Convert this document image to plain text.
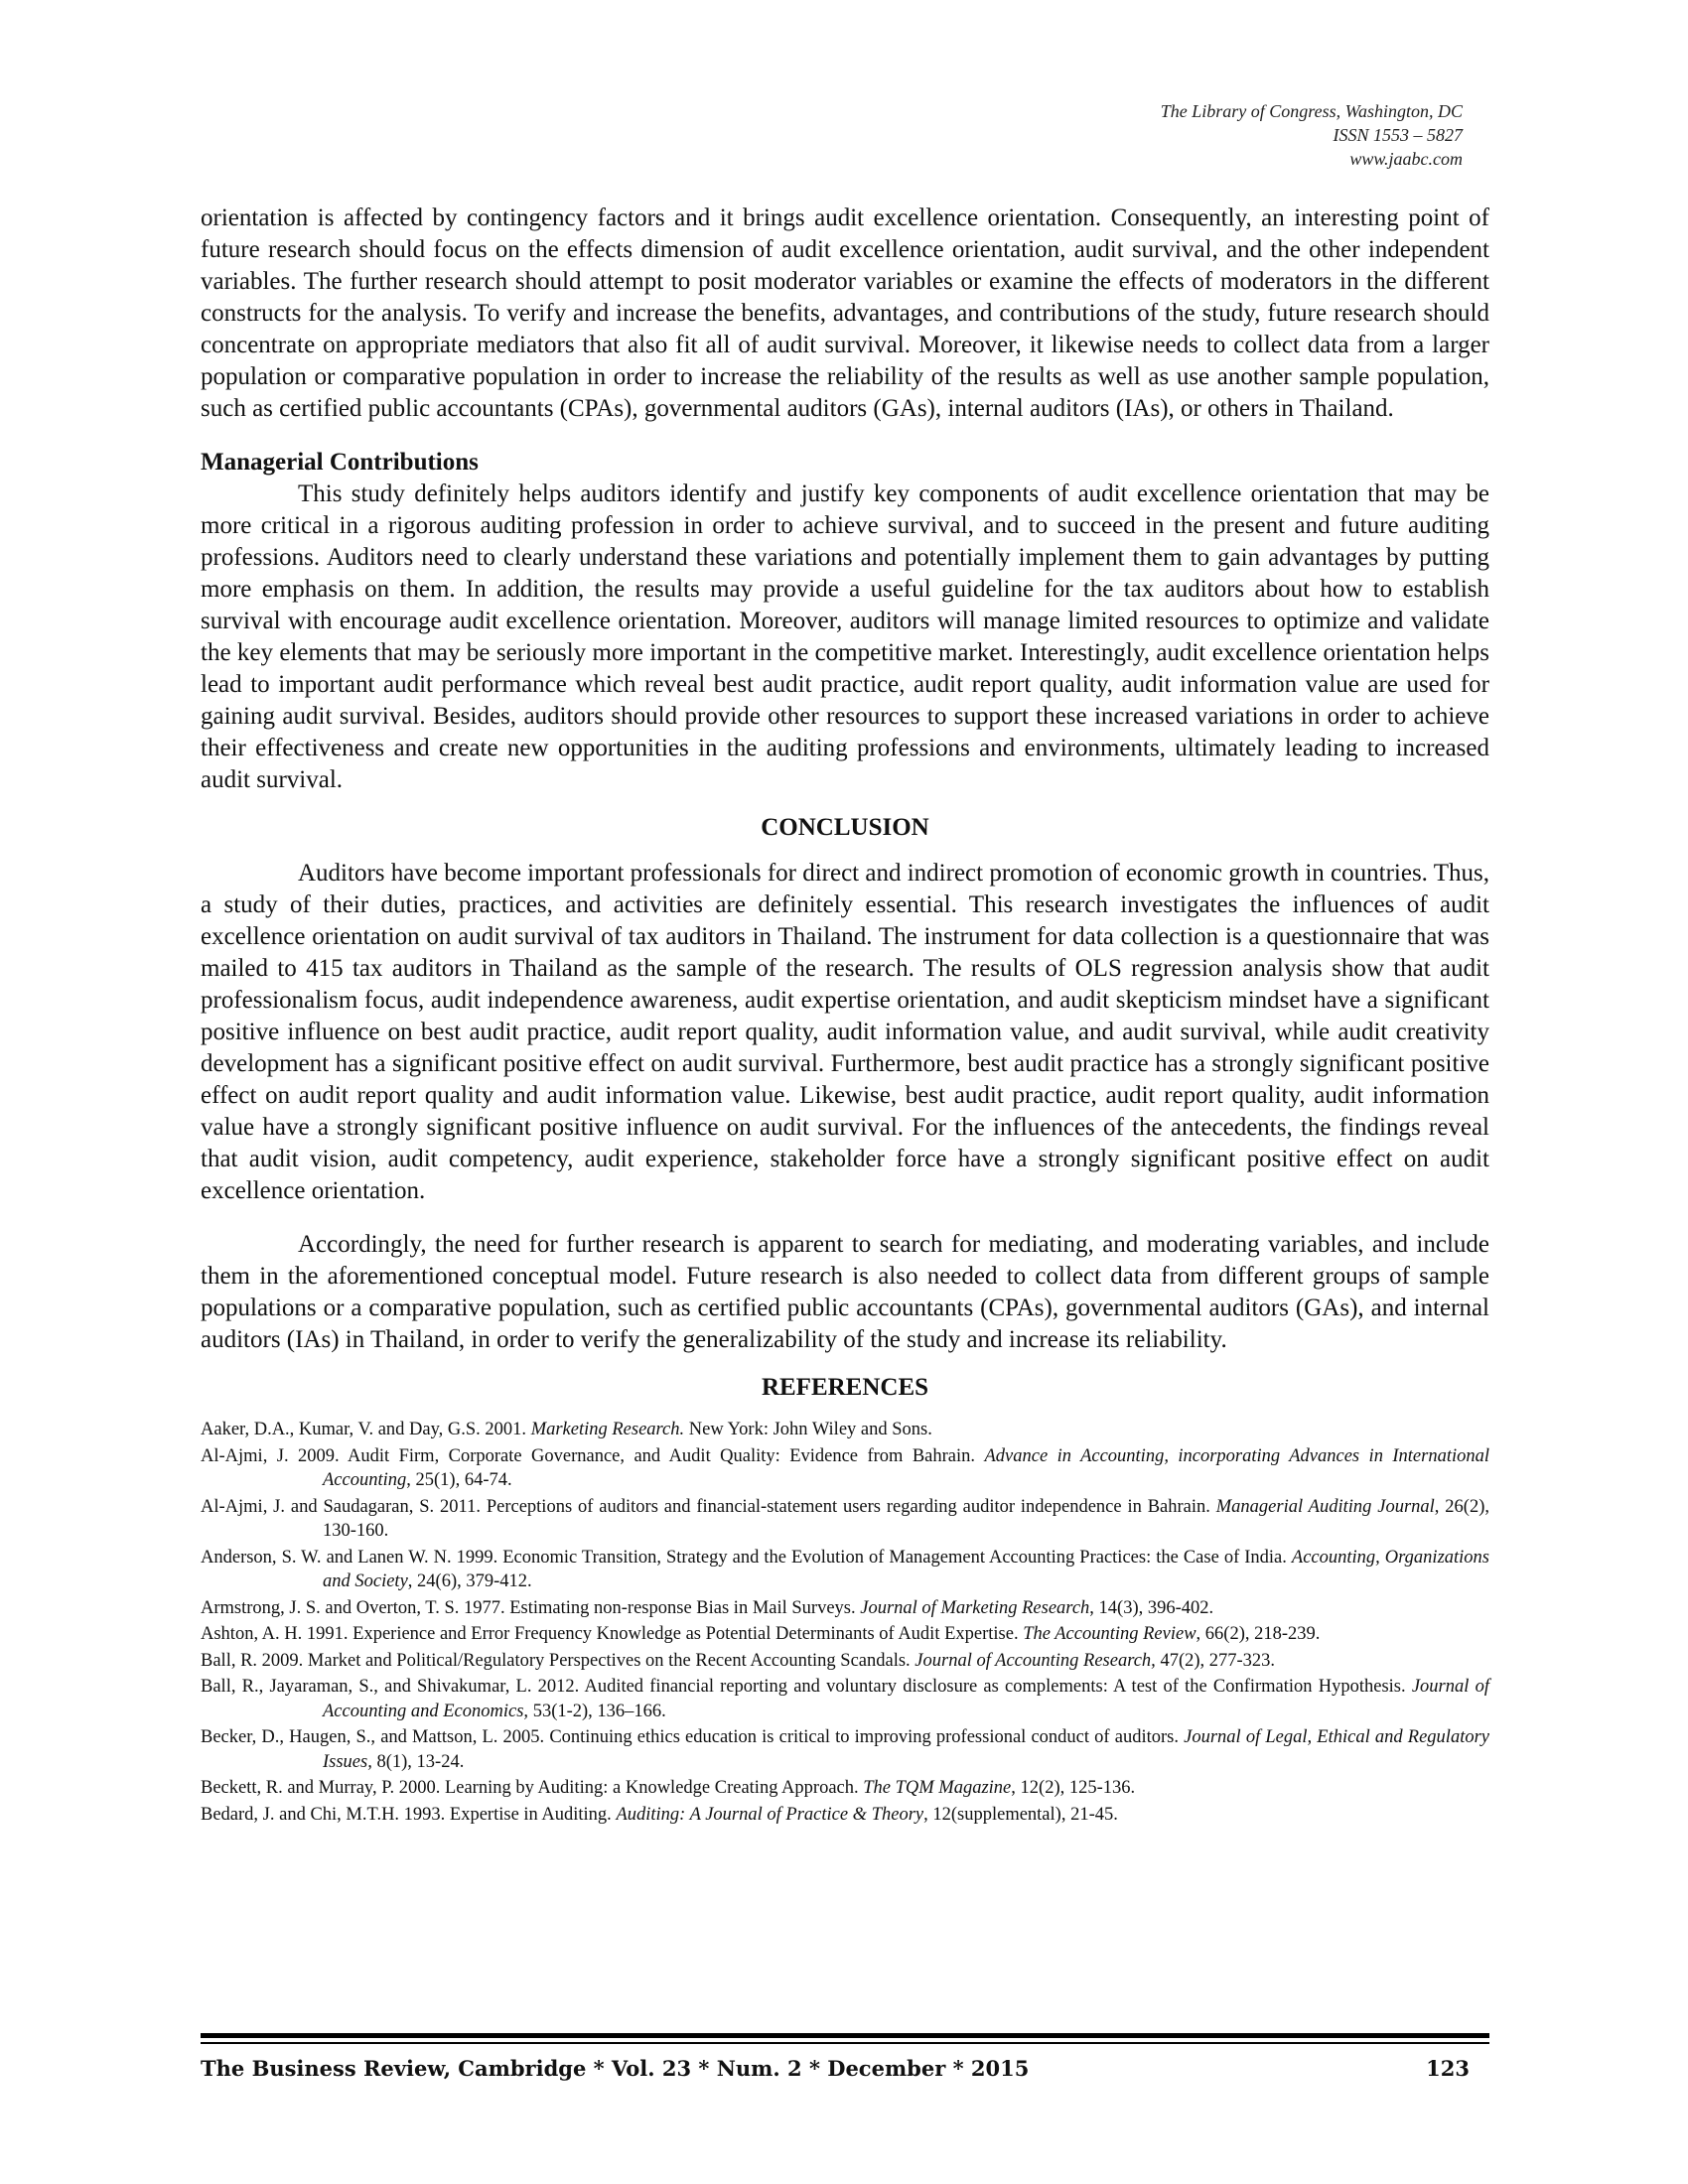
The Library of Congress, Washington, DC
ISSN 1553 – 5827
www.jaabc.com

orientation is affected by contingency factors and it brings audit excellence orientation. Consequently, an interesting point of future research should focus on the effects dimension of audit excellence orientation, audit survival, and the other independent variables. The further research should attempt to posit moderator variables or examine the effects of moderators in the different constructs for the analysis. To verify and increase the benefits, advantages, and contributions of the study, future research should concentrate on appropriate mediators that also fit all of audit survival. Moreover, it likewise needs to collect data from a larger population or comparative population in order to increase the reliability of the results as well as use another sample population, such as certified public accountants (CPAs), governmental auditors (GAs), internal auditors (IAs), or others in Thailand.

Managerial Contributions

This study definitely helps auditors identify and justify key components of audit excellence orientation that may be more critical in a rigorous auditing profession in order to achieve survival, and to succeed in the present and future auditing professions. Auditors need to clearly understand these variations and potentially implement them to gain advantages by putting more emphasis on them. In addition, the results may provide a useful guideline for the tax auditors about how to establish survival with encourage audit excellence orientation. Moreover, auditors will manage limited resources to optimize and validate the key elements that may be seriously more important in the competitive market. Interestingly, audit excellence orientation helps lead to important audit performance which reveal best audit practice, audit report quality, audit information value are used for gaining audit survival. Besides, auditors should provide other resources to support these increased variations in order to achieve their effectiveness and create new opportunities in the auditing professions and environments, ultimately leading to increased audit survival.

CONCLUSION

Auditors have become important professionals for direct and indirect promotion of economic growth in countries. Thus, a study of their duties, practices, and activities are definitely essential. This research investigates the influences of audit excellence orientation on audit survival of tax auditors in Thailand. The instrument for data collection is a questionnaire that was mailed to 415 tax auditors in Thailand as the sample of the research. The results of OLS regression analysis show that audit professionalism focus, audit independence awareness, audit expertise orientation, and audit skepticism mindset have a significant positive influence on best audit practice, audit report quality, audit information value, and audit survival, while audit creativity development has a significant positive effect on audit survival. Furthermore, best audit practice has a strongly significant positive effect on audit report quality and audit information value. Likewise, best audit practice, audit report quality, audit information value have a strongly significant positive influence on audit survival. For the influences of the antecedents, the findings reveal that audit vision, audit competency, audit experience, stakeholder force have a strongly significant positive effect on audit excellence orientation.

Accordingly, the need for further research is apparent to search for mediating, and moderating variables, and include them in the aforementioned conceptual model. Future research is also needed to collect data from different groups of sample populations or a comparative population, such as certified public accountants (CPAs), governmental auditors (GAs), and internal auditors (IAs) in Thailand, in order to verify the generalizability of the study and increase its reliability.

REFERENCES

Aaker, D.A., Kumar, V. and Day, G.S. 2001. Marketing Research. New York: John Wiley and Sons.

Al-Ajmi, J. 2009. Audit Firm, Corporate Governance, and Audit Quality: Evidence from Bahrain. Advance in Accounting, incorporating Advances in International Accounting, 25(1), 64-74.

Al-Ajmi, J. and Saudagaran, S. 2011. Perceptions of auditors and financial-statement users regarding auditor independence in Bahrain. Managerial Auditing Journal, 26(2), 130-160.

Anderson, S. W. and Lanen W. N. 1999. Economic Transition, Strategy and the Evolution of Management Accounting Practices: the Case of India. Accounting, Organizations and Society, 24(6), 379-412.

Armstrong, J. S. and Overton, T. S. 1977. Estimating non-response Bias in Mail Surveys. Journal of Marketing Research, 14(3), 396-402.

Ashton, A. H. 1991. Experience and Error Frequency Knowledge as Potential Determinants of Audit Expertise. The Accounting Review, 66(2), 218-239.

Ball, R. 2009. Market and Political/Regulatory Perspectives on the Recent Accounting Scandals. Journal of Accounting Research, 47(2), 277-323.

Ball, R., Jayaraman, S., and Shivakumar, L. 2012. Audited financial reporting and voluntary disclosure as complements: A test of the Confirmation Hypothesis. Journal of Accounting and Economics, 53(1-2), 136–166.

Becker, D., Haugen, S., and Mattson, L. 2005. Continuing ethics education is critical to improving professional conduct of auditors. Journal of Legal, Ethical and Regulatory Issues, 8(1), 13-24.

Beckett, R. and Murray, P. 2000. Learning by Auditing: a Knowledge Creating Approach. The TQM Magazine, 12(2), 125-136.

Bedard, J. and Chi, M.T.H. 1993. Expertise in Auditing. Auditing: A Journal of Practice & Theory, 12(supplemental), 21-45.

The Business Review, Cambridge * Vol. 23 * Num. 2 * December * 2015	123
